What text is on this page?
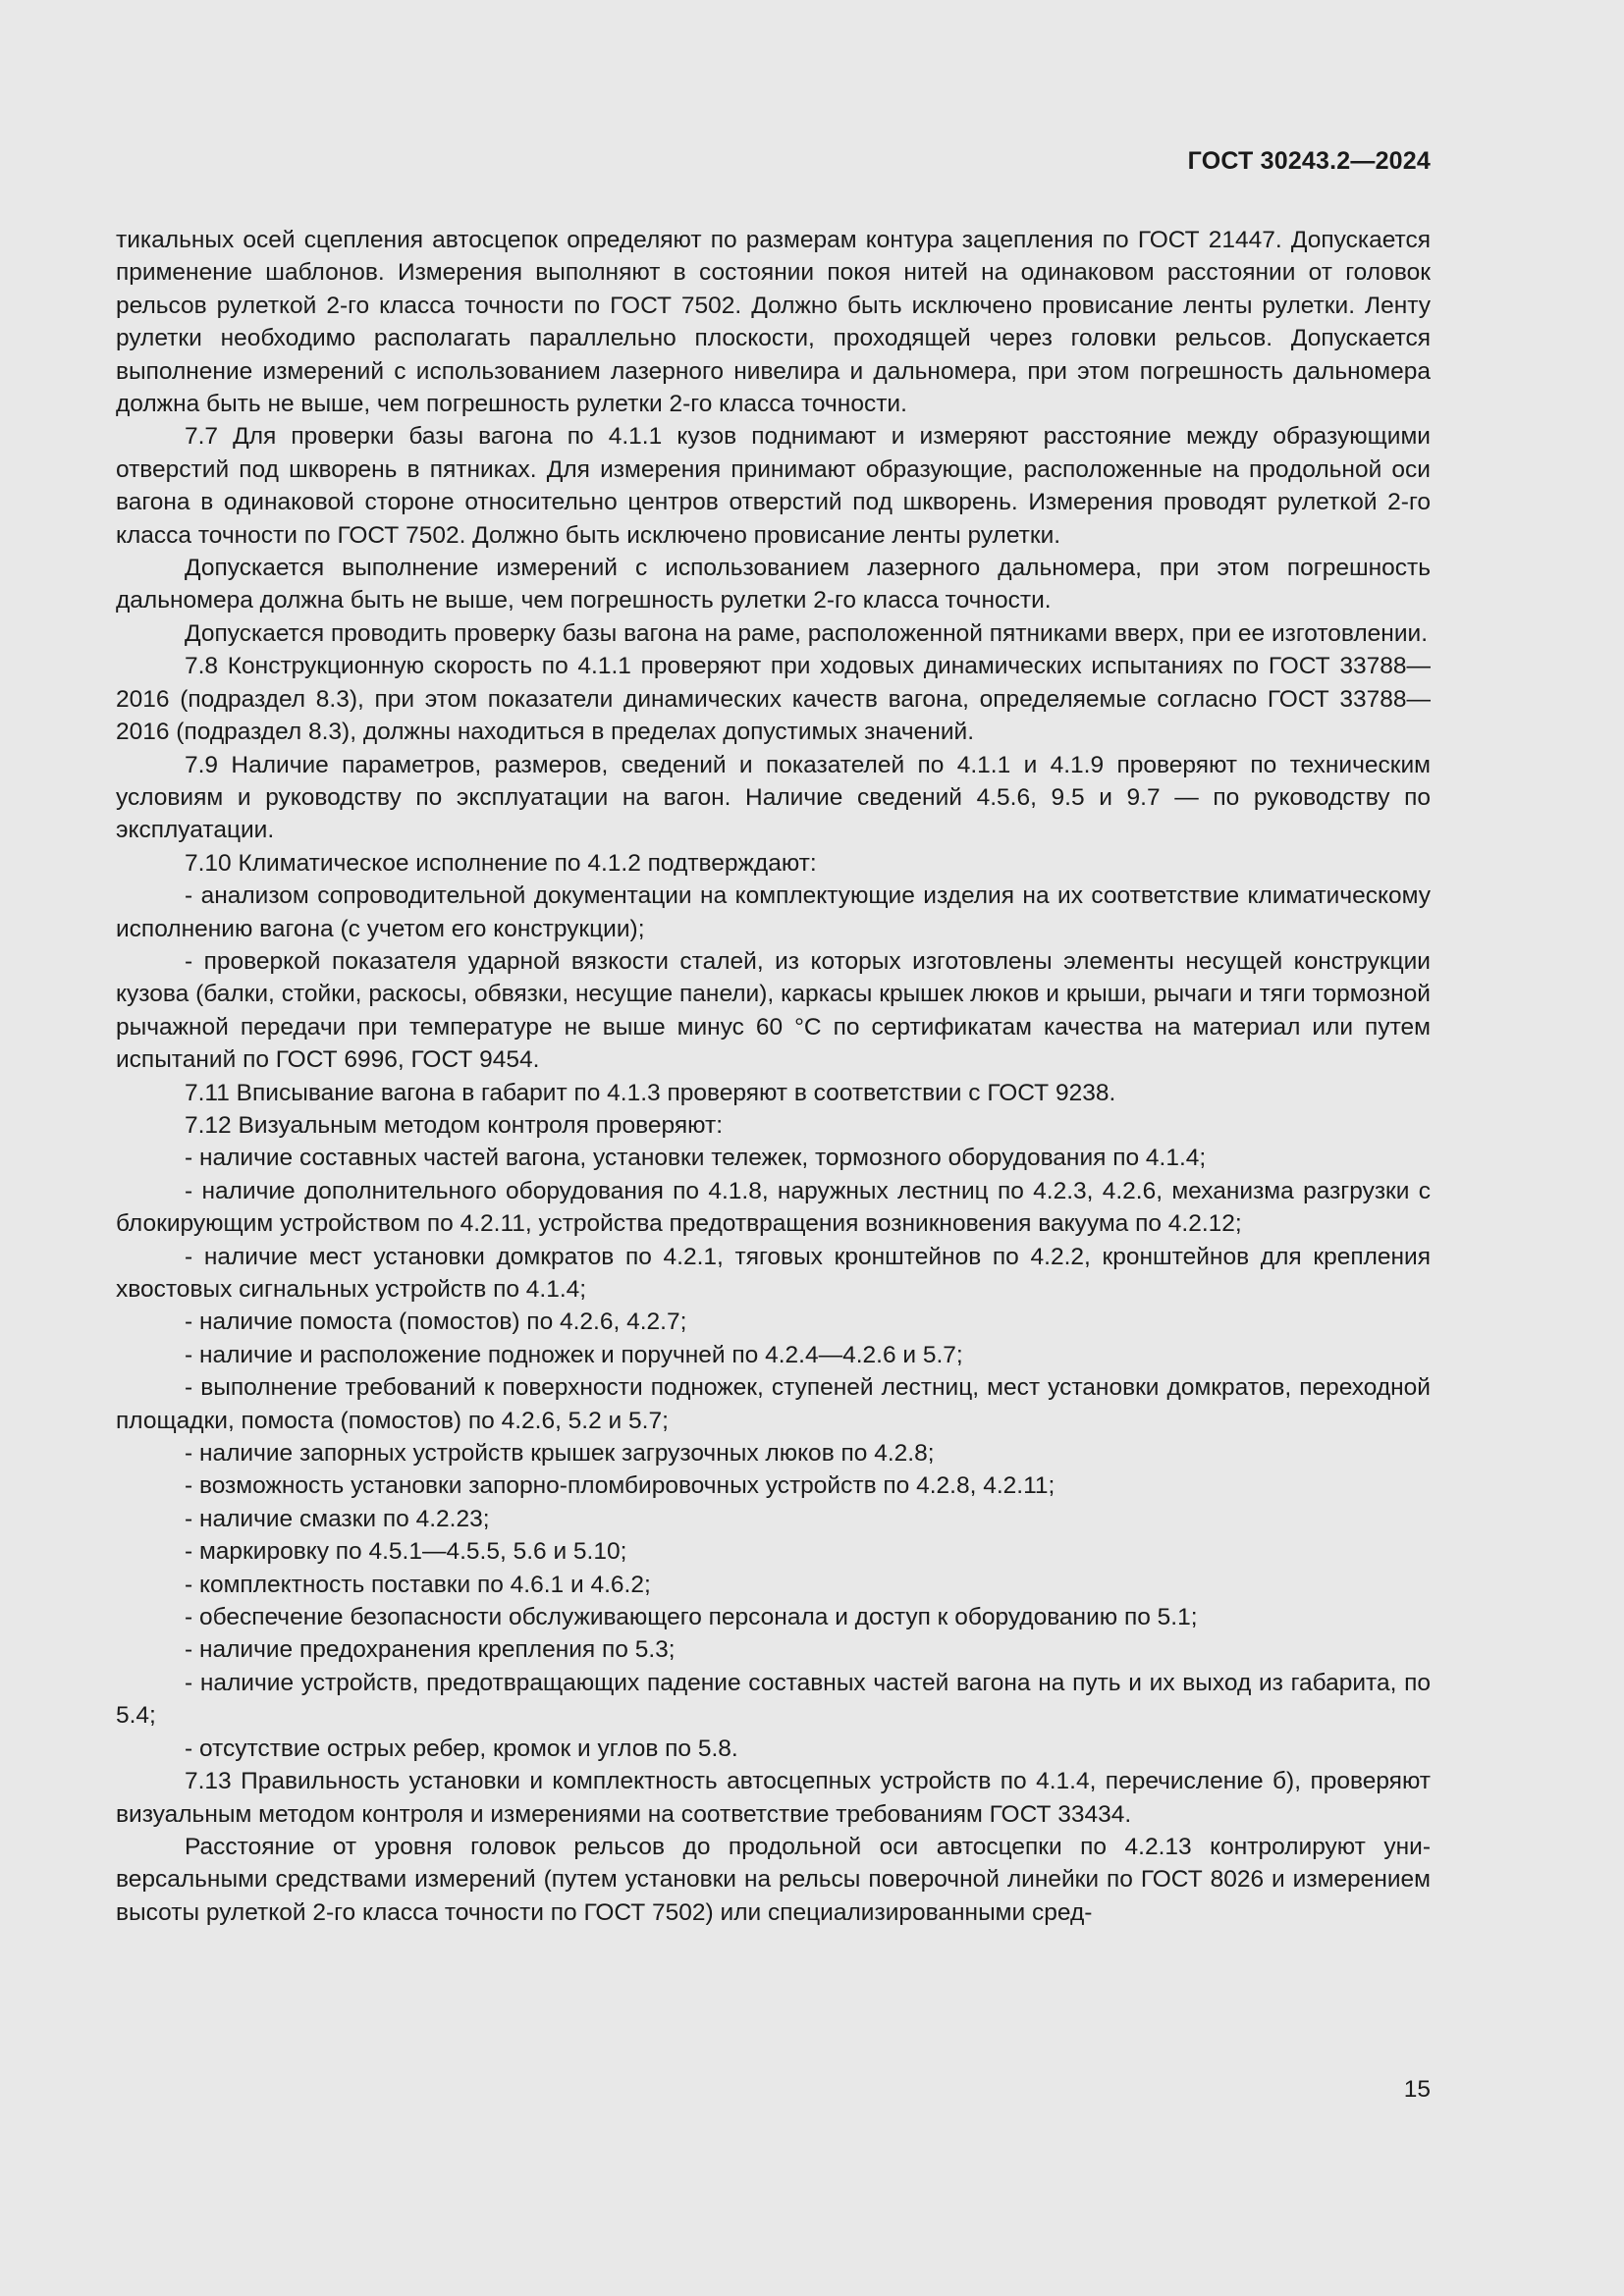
ГОСТ 30243.2—2024

тикальных осей сцепления автосцепок определяют по размерам контура зацепления по ГОСТ 21447. Допускается применение шаблонов. Измерения выполняют в состоянии покоя нитей на одинаковом расстоянии от головок рельсов рулеткой 2-го класса точности по ГОСТ 7502. Должно быть исключено провисание ленты рулетки. Ленту рулетки необходимо располагать параллельно плоскости, проходящей через головки рельсов. Допускается выполнение измерений с использованием лазерного нивелира и дальномера, при этом погрешность дальномера должна быть не выше, чем погрешность рулетки 2-го класса точности.

7.7 Для проверки базы вагона по 4.1.1 кузов поднимают и измеряют расстояние между образующими отверстий под шкворень в пятниках. Для измерения принимают образующие, расположенные на продольной оси вагона в одинаковой стороне относительно центров отверстий под шкворень. Измерения проводят рулеткой 2-го класса точности по ГОСТ 7502. Должно быть исключено провисание ленты рулетки.

Допускается выполнение измерений с использованием лазерного дальномера, при этом погрешность дальномера должна быть не выше, чем погрешность рулетки 2-го класса точности.

Допускается проводить проверку базы вагона на раме, расположенной пятниками вверх, при ее изготовлении.

7.8 Конструкционную скорость по 4.1.1 проверяют при ходовых динамических испытаниях по ГОСТ 33788—2016 (подраздел 8.3), при этом показатели динамических качеств вагона, определяемые согласно ГОСТ 33788—2016 (подраздел 8.3), должны находиться в пределах допустимых значений.

7.9 Наличие параметров, размеров, сведений и показателей по 4.1.1 и 4.1.9 проверяют по техническим условиям и руководству по эксплуатации на вагон. Наличие сведений 4.5.6, 9.5 и 9.7 — по руководству по эксплуатации.

7.10 Климатическое исполнение по 4.1.2 подтверждают:

- анализом сопроводительной документации на комплектующие изделия на их соответствие климатическому исполнению вагона (с учетом его конструкции);

- проверкой показателя ударной вязкости сталей, из которых изготовлены элементы несущей конструкции кузова (балки, стойки, раскосы, обвязки, несущие панели), каркасы крышек люков и крыши, рычаги и тяги тормозной рычажной передачи при температуре не выше минус 60 °C по сертификатам качества на материал или путем испытаний по ГОСТ 6996, ГОСТ 9454.

7.11 Вписывание вагона в габарит по 4.1.3 проверяют в соответствии с ГОСТ 9238.

7.12 Визуальным методом контроля проверяют:

- наличие составных частей вагона, установки тележек, тормозного оборудования по 4.1.4;

- наличие дополнительного оборудования по 4.1.8, наружных лестниц по 4.2.3, 4.2.6, механизма разгрузки с блокирующим устройством по 4.2.11, устройства предотвращения возникновения вакуума по 4.2.12;

- наличие мест установки домкратов по 4.2.1, тяговых кронштейнов по 4.2.2, кронштейнов для крепления хвостовых сигнальных устройств по 4.1.4;

- наличие помоста (помостов) по 4.2.6, 4.2.7;

- наличие и расположение подножек и поручней по 4.2.4—4.2.6 и 5.7;

- выполнение требований к поверхности подножек, ступеней лестниц, мест установки домкратов, переходной площадки, помоста (помостов) по 4.2.6, 5.2 и 5.7;

- наличие запорных устройств крышек загрузочных люков по 4.2.8;

- возможность установки запорно-пломбировочных устройств по 4.2.8, 4.2.11;

- наличие смазки по 4.2.23;

- маркировку по 4.5.1—4.5.5, 5.6 и 5.10;

- комплектность поставки по 4.6.1 и 4.6.2;

- обеспечение безопасности обслуживающего персонала и доступ к оборудованию по 5.1;

- наличие предохранения крепления по 5.3;

- наличие устройств, предотвращающих падение составных частей вагона на путь и их выход из габарита, по 5.4;

- отсутствие острых ребер, кромок и углов по 5.8.

7.13 Правильность установки и комплектность автосцепных устройств по 4.1.4, перечисление б), проверяют визуальным методом контроля и измерениями на соответствие требованиям ГОСТ 33434.

Расстояние от уровня головок рельсов до продольной оси автосцепки по 4.2.13 контролируют универсальными средствами измерений (путем установки на рельсы поверочной линейки по ГОСТ 8026 и измерением высоты рулеткой 2-го класса точности по ГОСТ 7502) или специализированными сред-

15
